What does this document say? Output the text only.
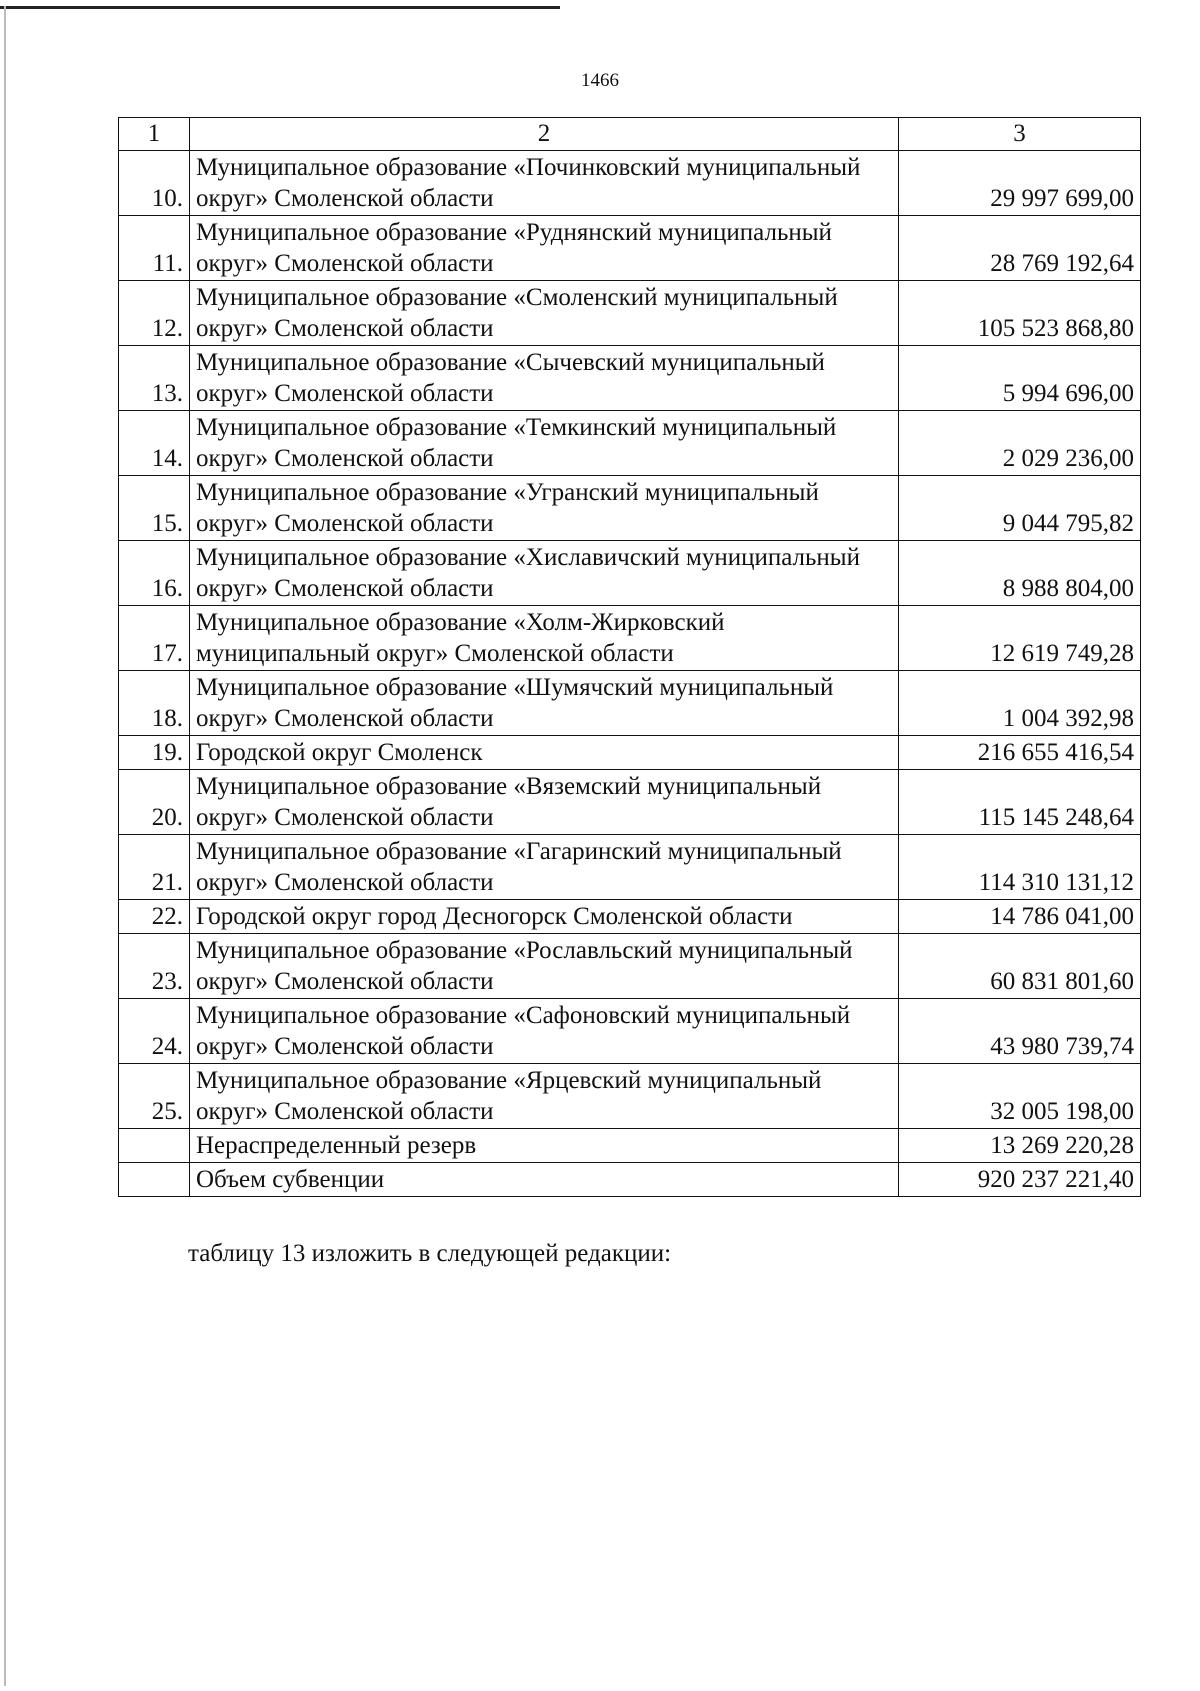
1466
1	2	3
10.	Муниципальное образование «Починковский муниципальный округ» Смоленской области	29 997 699,00
11.	Муниципальное образование «Руднянский муниципальный округ» Смоленской области	28 769 192,64
12.	Муниципальное образование «Смоленский муниципальный округ» Смоленской области	105 523 868,80
13.	Муниципальное образование «Сычевский муниципальный округ» Смоленской области	5 994 696,00
14.	Муниципальное образование «Темкинский муниципальный округ» Смоленской области	2 029 236,00
15.	Муниципальное образование «Угранский муниципальный округ» Смоленской области	9 044 795,82
16.	Муниципальное образование «Хиславичский муниципальный округ» Смоленской области	8 988 804,00
17.	Муниципальное образование «Холм-Жирковский муниципальный округ» Смоленской области	12 619 749,28
18.	Муниципальное образование «Шумячский муниципальный округ» Смоленской области	1 004 392,98
19.	Городской округ Смоленск	216 655 416,54
20.	Муниципальное образование «Вяземский муниципальный округ» Смоленской области	115 145 248,64
21.	Муниципальное образование «Гагаринский муниципальный округ» Смоленской области	114 310 131,12
22.	Городской округ город Десногорск Смоленской области	14 786 041,00
23.	Муниципальное образование «Рославльский муниципальный округ» Смоленской области	60 831 801,60
24.	Муниципальное образование «Сафоновский муниципальный округ» Смоленской области	43 980 739,74
25.	Муниципальное образование «Ярцевский муниципальный округ» Смоленской области	32 005 198,00
	Нераспределенный резерв	13 269 220,28
	Объем субвенции	920 237 221,40
таблицу 13 изложить в следующей редакции:
